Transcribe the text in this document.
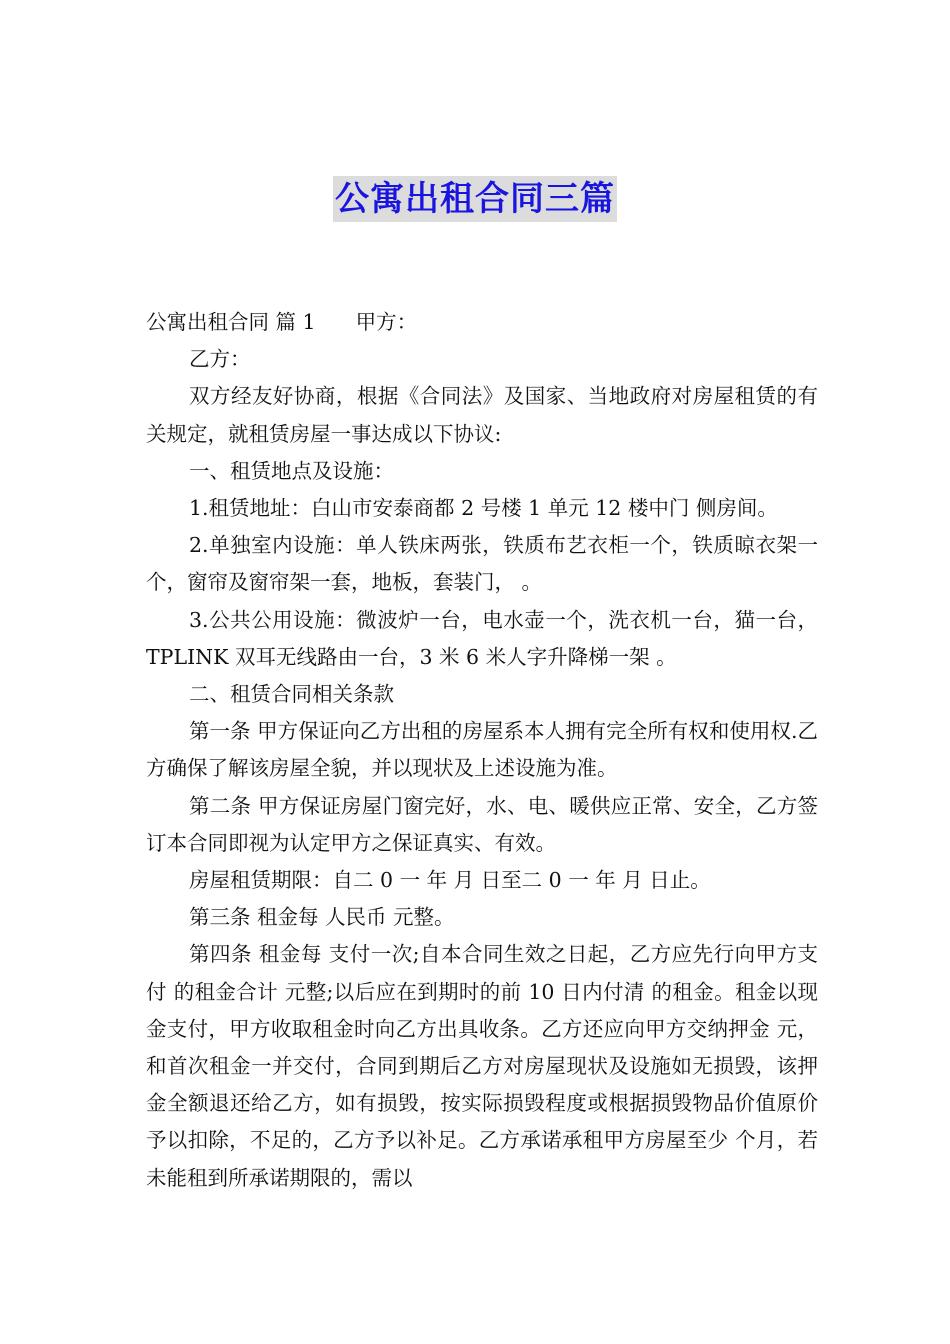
公寓出租合同三篇

公寓出租合同 篇 1 甲方：

乙方：

双方经友好协商，根据《合同法》及国家、当地政府对房屋租赁的有关规定，就租赁房屋一事达成以下协议:

一、租赁地点及设施：

1.租赁地址：白山市安泰商都 2 号楼 1 单元 12 楼中门 侧房间。

2.单独室内设施：单人铁床两张，铁质布艺衣柜一个，铁质晾衣架一个，窗帘及窗帘架一套，地板，套装门， 。

3.公共公用设施：微波炉一台，电水壶一个，洗衣机一台，猫一台，TPLINK 双耳无线路由一台，3 米 6 米人字升降梯一架 。

二、租赁合同相关条款

第一条 甲方保证向乙方出租的房屋系本人拥有完全所有权和使用权.乙方确保了解该房屋全貌，并以现状及上述设施为准。

第二条 甲方保证房屋门窗完好，水、电、暖供应正常、安全，乙方签订本合同即视为认定甲方之保证真实、有效。

房屋租赁期限：自二 0 一 年 月 日至二 0 一 年 月 日止。

第三条 租金每 人民币 元整。

第四条 租金每 支付一次;自本合同生效之日起，乙方应先行向甲方支付 的租金合计 元整;以后应在到期时的前 10 日内付清 的租金。租金以现金支付，甲方收取租金时向乙方出具收条。乙方还应向甲方交纳押金 元，和首次租金一并交付，合同到期后乙方对房屋现状及设施如无损毁，该押金全额退还给乙方，如有损毁，按实际损毁程度或根据损毁物品价值原价予以扣除，不足的，乙方予以补足。乙方承诺承租甲方房屋至少 个月，若未能租到所承诺期限的，需以
